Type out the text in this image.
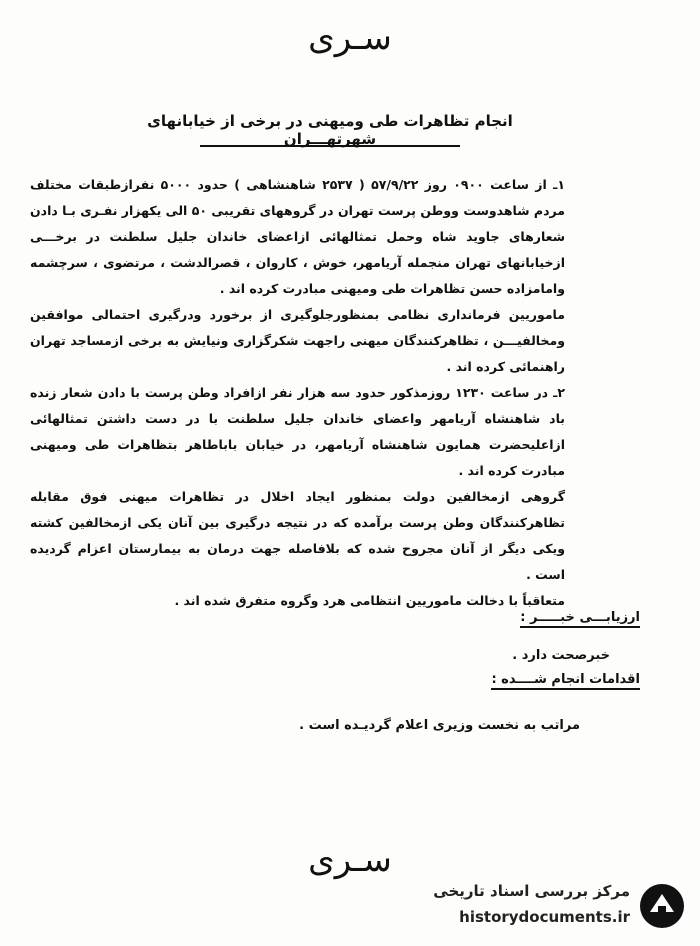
سـری
انجام تظاهرات طی ومیهنی در برخی از خیابانهای شهرتهـــران

۱ـ از ساعت ۰۹۰۰ روز ۵۷/۹/۲۲ ( ۲۵۳۷ شاهنشاهی ) حدود ۵۰۰۰ نفرازطبقات مختلف مردم شاهدوست ووطن پرست تهران در گروههای تقریبی ۵۰ الی یکهزار نفـری بـا دادن شعارهای جاوید شاه وحمل تمثالهائی ازاعضای خاندان جلیل سلطنت در برخـــی ازخیابانهای تهران منجمله آریامهر، خوش ، کاروان ، قصرالدشت ، مرتضوی ، سرچشمه وامامزاده حسن تظاهرات طی ومیهنی مبادرت کرده اند .

ماموریین فرمانداری نظامی بمنظورجلوگیری از برخورد ودرگیری احتمالی موافقین ومخالفیـــن ، تظاهرکنندگان میهنی راجهت شکرگزاری ونیایش به برخی ازمساجد تهران راهنمائی کرده اند .

۲ـ در ساعت ۱۲۳۰ روزمذکور حدود سه هزار نفر ازافراد وطن پرست با دادن شعار زنده باد شاهنشاه آریامهر واعضای خاندان جلیل سلطنت با در دست داشتن تمثالهائی ازاعلیحضرت همایون شاهنشاه آریامهر، در خیابان باباطاهر بتظاهرات طی ومیهنی مبادرت کرده اند .

گروهی ازمخالفین دولت بمنظور ایجاد اخلال در تظاهرات میهنی فوق مقابله تظاهرکنندگان وطن پرست برآمده که در نتیجه درگیری بین آنان یکی ازمخالفین کشته ویکی دیگر از آنان مجروح شده که بلافاصله جهت درمان به بیمارستان اعزام گردیده است .

متعاقباً با دخالت ماموریین انتظامی هرد وگروه متفرق شده اند .

ارزیابـــی خبـــــر :
خبرصحت دارد .
اقدامات انجام شــــده :
مراتب به نخست وزیری اعلام گردیـده است .
سـری
مرکز بررسی اسناد تاریخی
historydocuments.ir
